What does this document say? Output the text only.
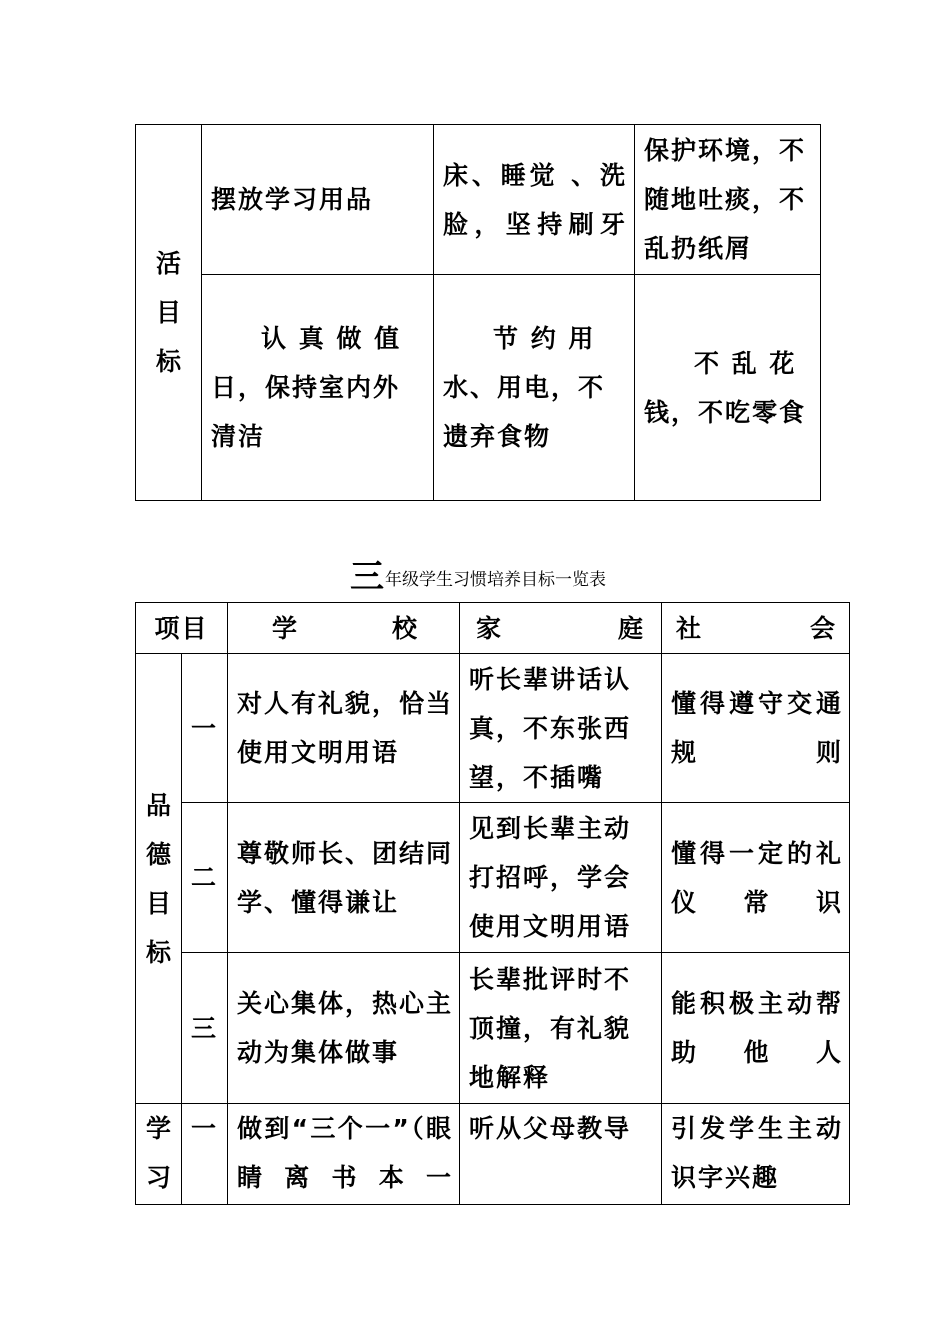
活目标	摆放学习用品	床、睡觉 、洗脸，坚持刷牙	保护环境，不随地吐痰，不乱扔纸屑
	认 真 做 值日，保持室内外清洁	节 约 用水、用电，不遗弃食物	不 乱 花钱，不吃零食
三年级学生习惯培养目标一览表
项目		学校	家庭	社会
品德目标	一	对人有礼貌，恰当使用文明用语	听长辈讲话认真，不东张西望，不插嘴	懂得遵守交通规则
	二	尊敬师长、团结同学、懂得谦让	见到长辈主动打招呼，学会使用文明用语	懂得一定的礼仪常识
	三	关心集体，热心主动为集体做事	长辈批评时不顶撞，有礼貌地解释	能积极主动帮助他人
学习	一	做到“三个一”（眼睛离书本一	听从父母教导	引发学生主动识字兴趣
